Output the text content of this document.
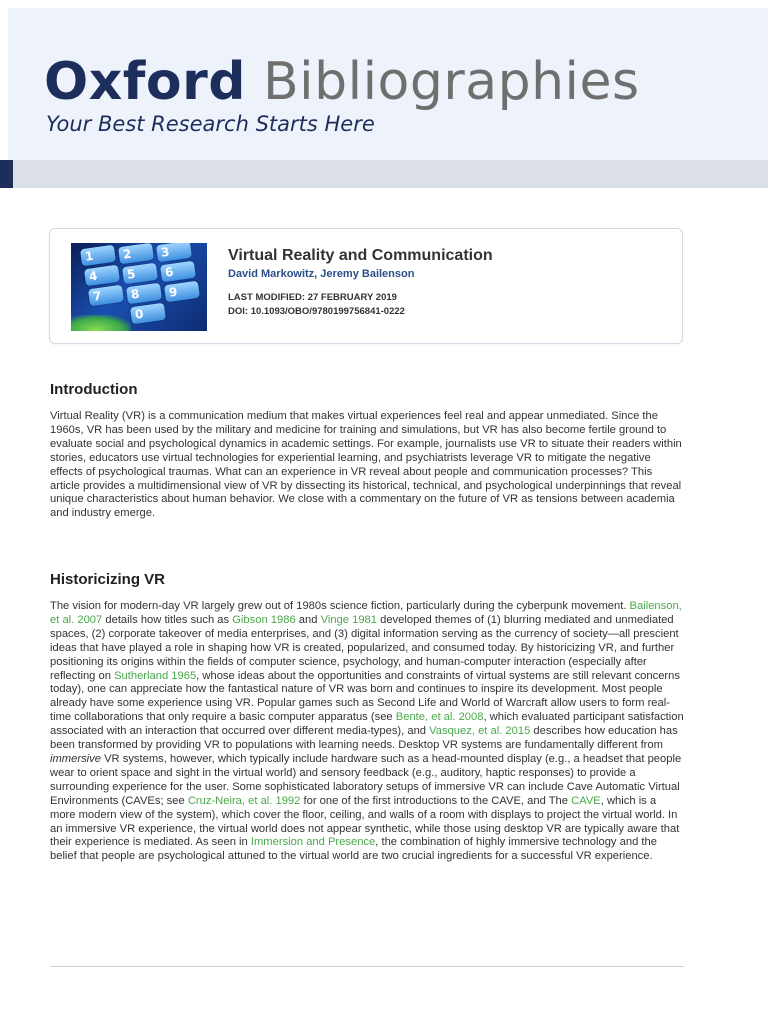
Oxford Bibliographies
Your Best Research Starts Here
1	2	3
4	5	6
7	8	9
0
Virtual Reality and Communication
David Markowitz, Jeremy Bailenson
LAST MODIFIED: 27 FEBRUARY 2019
DOI: 10.1093/OBO/9780199756841-0222
Introduction

Virtual Reality (VR) is a communication medium that makes virtual experiences feel real and appear unmediated. Since the 1960s, VR has been used by the military and medicine for training and simulations, but VR has also become fertile ground to evaluate social and psychological dynamics in academic settings. For example, journalists use VR to situate their readers within stories, educators use virtual technologies for experiential learning, and psychiatrists leverage VR to mitigate the negative effects of psychological traumas. What can an experience in VR reveal about people and communication processes? This article provides a multidimensional view of VR by dissecting its historical, technical, and psychological underpinnings that reveal unique characteristics about human behavior. We close with a commentary on the future of VR as tensions between academia and industry emerge.

Historicizing VR

The vision for modern-day VR largely grew out of 1980s science fiction, particularly during the cyberpunk movement. Bailenson, et al. 2007 details how titles such as Gibson 1986 and Vinge 1981 developed themes of (1) blurring mediated and unmediated spaces, (2) corporate takeover of media enterprises, and (3) digital information serving as the currency of society—all prescient ideas that have played a role in shaping how VR is created, popularized, and consumed today. By historicizing VR, and further positioning its origins within the fields of computer science, psychology, and human-computer interaction (especially after reflecting on Sutherland 1965, whose ideas about the opportunities and constraints of virtual systems are still relevant concerns today), one can appreciate how the fantastical nature of VR was born and continues to inspire its development. Most people already have some experience using VR. Popular games such as Second Life and World of Warcraft allow users to form real-time collaborations that only require a basic computer apparatus (see Bente, et al. 2008, which evaluated participant satisfaction associated with an interaction that occurred over different media-types), and Vasquez, et al. 2015 describes how education has been transformed by providing VR to populations with learning needs. Desktop VR systems are fundamentally different from immersive VR systems, however, which typically include hardware such as a head-mounted display (e.g., a headset that people wear to orient space and sight in the virtual world) and sensory feedback (e.g., auditory, haptic responses) to provide a surrounding experience for the user. Some sophisticated laboratory setups of immersive VR can include Cave Automatic Virtual Environments (CAVEs; see Cruz-Neira, et al. 1992 for one of the first introductions to the CAVE, and The CAVE, which is a more modern view of the system), which cover the floor, ceiling, and walls of a room with displays to project the virtual world. In an immersive VR experience, the virtual world does not appear synthetic, while those using desktop VR are typically aware that their experience is mediated. As seen in Immersion and Presence, the combination of highly immersive technology and the belief that people are psychological attuned to the virtual world are two crucial ingredients for a successful VR experience.
